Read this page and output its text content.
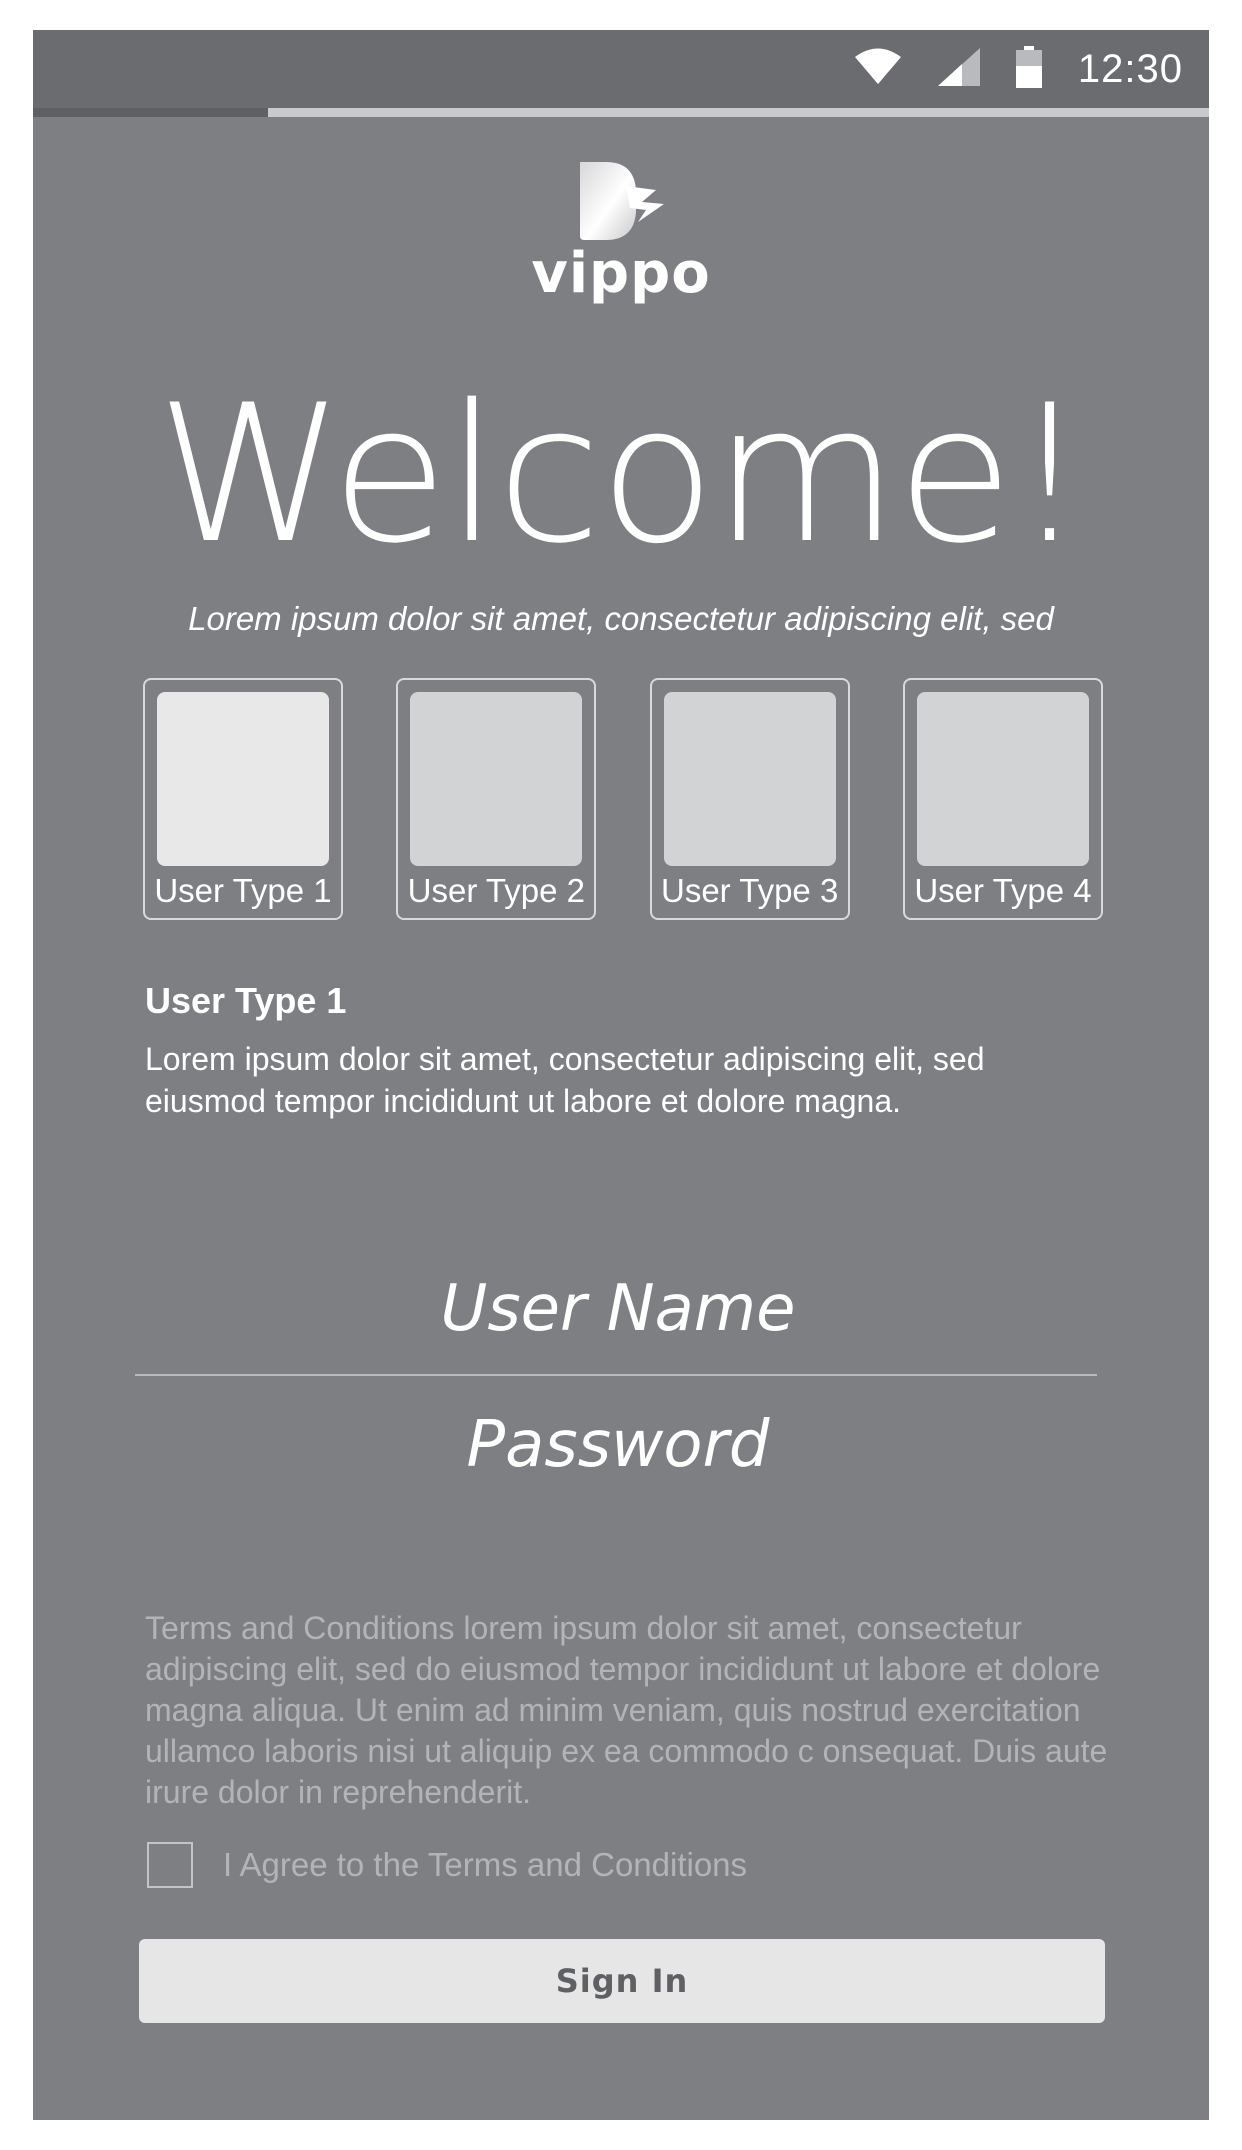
12:30
vippo
Welcome!
Lorem ipsum dolor sit amet, consectetur adipiscing elit, sed
User Type 1 User Type 2 User Type 3 User Type 4
User Type 1
Lorem ipsum dolor sit amet, consectetur adipiscing elit, sed eiusmod tempor incididunt ut labore et dolore magna.
User Name
Terms and Conditions lorem ipsum dolor sit amet, consectetur adipiscing elit, sed do eiusmod tempor incididunt ut labore et dolore magna aliqua. Ut enim ad minim veniam, quis nostrud exercitation ullamco laboris nisi ut aliquip ex ea commodo c onsequat. Duis aute irure dolor in reprehenderit.
I Agree to the Terms and Conditions
Sign In
